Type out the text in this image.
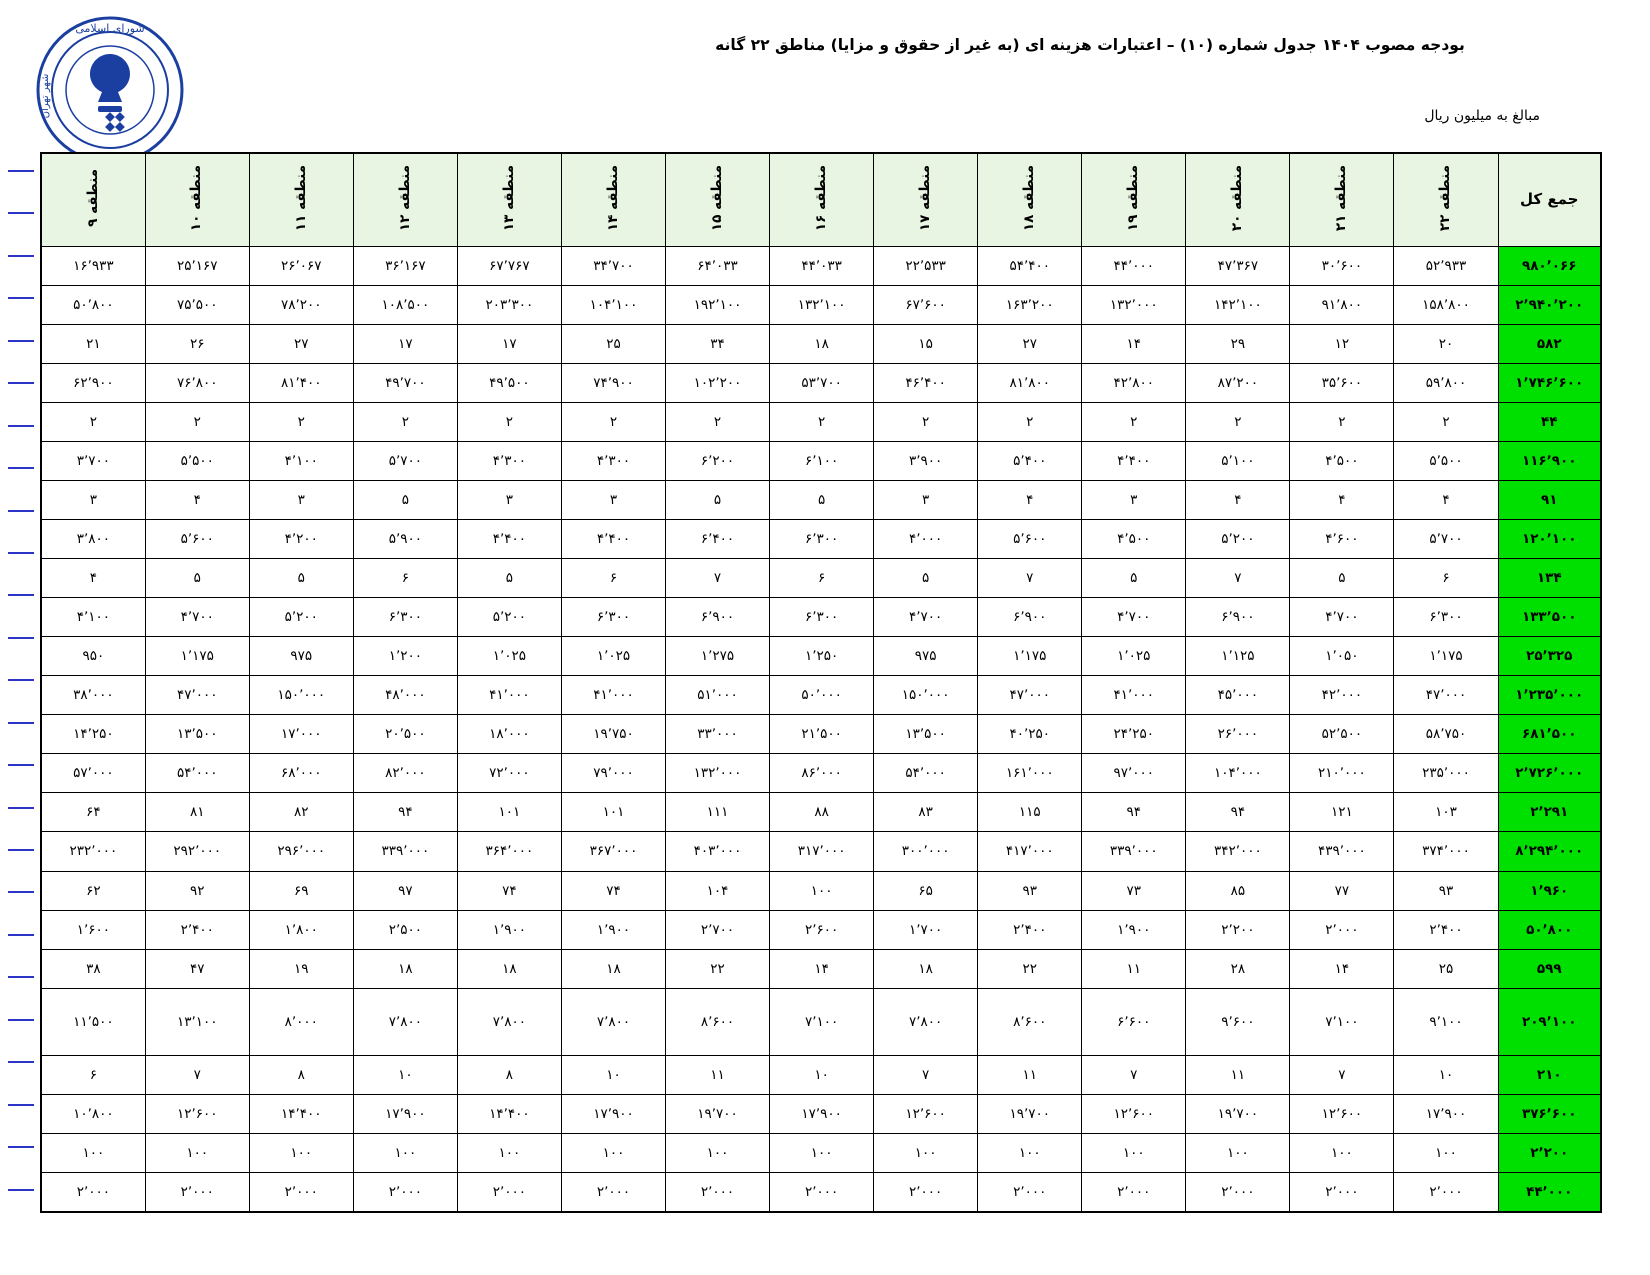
بودجه مصوب ۱۴۰۴ جدول شماره (۱۰) – اعتبارات هزینه ای (به غیر از حقوق و مزایا) مناطق ۲۲ گانه
مبالغ به میلیون ریال
شورای اسلامی
شهر تهران
جمع کل	منطقه ۲۲	منطقه ۲۱	منطقه ۲۰	منطقه ۱۹	منطقه ۱۸	منطقه ۱۷	منطقه ۱۶	منطقه ۱۵	منطقه ۱۴	منطقه ۱۳	منطقه ۱۲	منطقه ۱۱	منطقه ۱۰	منطقه ۹
۹۸۰٬۰۶۶	۵۲٬۹۳۳	۳۰٬۶۰۰	۴۷٬۳۶۷	۴۴٬۰۰۰	۵۴٬۴۰۰	۲۲٬۵۳۳	۴۴٬۰۳۳	۶۴٬۰۳۳	۳۴٬۷۰۰	۶۷٬۷۶۷	۳۶٬۱۶۷	۲۶٬۰۶۷	۲۵٬۱۶۷	۱۶٬۹۳۳
۲٬۹۴۰٬۲۰۰	۱۵۸٬۸۰۰	۹۱٬۸۰۰	۱۴۲٬۱۰۰	۱۳۲٬۰۰۰	۱۶۳٬۲۰۰	۶۷٬۶۰۰	۱۳۲٬۱۰۰	۱۹۲٬۱۰۰	۱۰۴٬۱۰۰	۲۰۳٬۳۰۰	۱۰۸٬۵۰۰	۷۸٬۲۰۰	۷۵٬۵۰۰	۵۰٬۸۰۰
۵۸۲	۲۰	۱۲	۲۹	۱۴	۲۷	۱۵	۱۸	۳۴	۲۵	۱۷	۱۷	۲۷	۲۶	۲۱
۱٬۷۴۶٬۶۰۰	۵۹٬۸۰۰	۳۵٬۶۰۰	۸۷٬۲۰۰	۴۲٬۸۰۰	۸۱٬۸۰۰	۴۶٬۴۰۰	۵۳٬۷۰۰	۱۰۲٬۲۰۰	۷۴٬۹۰۰	۴۹٬۵۰۰	۴۹٬۷۰۰	۸۱٬۴۰۰	۷۶٬۸۰۰	۶۲٬۹۰۰
۴۴	۲	۲	۲	۲	۲	۲	۲	۲	۲	۲	۲	۲	۲	۲
۱۱۶٬۹۰۰	۵٬۵۰۰	۴٬۵۰۰	۵٬۱۰۰	۴٬۴۰۰	۵٬۴۰۰	۳٬۹۰۰	۶٬۱۰۰	۶٬۲۰۰	۴٬۳۰۰	۴٬۳۰۰	۵٬۷۰۰	۴٬۱۰۰	۵٬۵۰۰	۳٬۷۰۰
۹۱	۴	۴	۴	۳	۴	۳	۵	۵	۳	۳	۵	۳	۴	۳
۱۲۰٬۱۰۰	۵٬۷۰۰	۴٬۶۰۰	۵٬۲۰۰	۴٬۵۰۰	۵٬۶۰۰	۴٬۰۰۰	۶٬۳۰۰	۶٬۴۰۰	۴٬۴۰۰	۴٬۴۰۰	۵٬۹۰۰	۴٬۲۰۰	۵٬۶۰۰	۳٬۸۰۰
۱۳۴	۶	۵	۷	۵	۷	۵	۶	۷	۶	۵	۶	۵	۵	۴
۱۳۳٬۵۰۰	۶٬۳۰۰	۴٬۷۰۰	۶٬۹۰۰	۴٬۷۰۰	۶٬۹۰۰	۴٬۷۰۰	۶٬۳۰۰	۶٬۹۰۰	۶٬۳۰۰	۵٬۲۰۰	۶٬۳۰۰	۵٬۲۰۰	۴٬۷۰۰	۴٬۱۰۰
۲۵٬۳۲۵	۱٬۱۷۵	۱٬۰۵۰	۱٬۱۲۵	۱٬۰۲۵	۱٬۱۷۵	۹۷۵	۱٬۲۵۰	۱٬۲۷۵	۱٬۰۲۵	۱٬۰۲۵	۱٬۲۰۰	۹۷۵	۱٬۱۷۵	۹۵۰
۱٬۲۳۵٬۰۰۰	۴۷٬۰۰۰	۴۲٬۰۰۰	۴۵٬۰۰۰	۴۱٬۰۰۰	۴۷٬۰۰۰	۱۵۰٬۰۰۰	۵۰٬۰۰۰	۵۱٬۰۰۰	۴۱٬۰۰۰	۴۱٬۰۰۰	۴۸٬۰۰۰	۱۵۰٬۰۰۰	۴۷٬۰۰۰	۳۸٬۰۰۰
۶۸۱٬۵۰۰	۵۸٬۷۵۰	۵۲٬۵۰۰	۲۶٬۰۰۰	۲۴٬۲۵۰	۴۰٬۲۵۰	۱۳٬۵۰۰	۲۱٬۵۰۰	۳۳٬۰۰۰	۱۹٬۷۵۰	۱۸٬۰۰۰	۲۰٬۵۰۰	۱۷٬۰۰۰	۱۳٬۵۰۰	۱۴٬۲۵۰
۲٬۷۲۶٬۰۰۰	۲۳۵٬۰۰۰	۲۱۰٬۰۰۰	۱۰۴٬۰۰۰	۹۷٬۰۰۰	۱۶۱٬۰۰۰	۵۴٬۰۰۰	۸۶٬۰۰۰	۱۳۲٬۰۰۰	۷۹٬۰۰۰	۷۲٬۰۰۰	۸۲٬۰۰۰	۶۸٬۰۰۰	۵۴٬۰۰۰	۵۷٬۰۰۰
۲٬۲۹۱	۱۰۳	۱۲۱	۹۴	۹۴	۱۱۵	۸۳	۸۸	۱۱۱	۱۰۱	۱۰۱	۹۴	۸۲	۸۱	۶۴
۸٬۲۹۴٬۰۰۰	۳۷۴٬۰۰۰	۴۳۹٬۰۰۰	۳۴۲٬۰۰۰	۳۳۹٬۰۰۰	۴۱۷٬۰۰۰	۳۰۰٬۰۰۰	۳۱۷٬۰۰۰	۴۰۳٬۰۰۰	۳۶۷٬۰۰۰	۳۶۴٬۰۰۰	۳۳۹٬۰۰۰	۲۹۶٬۰۰۰	۲۹۲٬۰۰۰	۲۳۲٬۰۰۰
۱٬۹۶۰	۹۳	۷۷	۸۵	۷۳	۹۳	۶۵	۱۰۰	۱۰۴	۷۴	۷۴	۹۷	۶۹	۹۲	۶۲
۵۰٬۸۰۰	۲٬۴۰۰	۲٬۰۰۰	۲٬۲۰۰	۱٬۹۰۰	۲٬۴۰۰	۱٬۷۰۰	۲٬۶۰۰	۲٬۷۰۰	۱٬۹۰۰	۱٬۹۰۰	۲٬۵۰۰	۱٬۸۰۰	۲٬۴۰۰	۱٬۶۰۰
۵۹۹	۲۵	۱۴	۲۸	۱۱	۲۲	۱۸	۱۴	۲۲	۱۸	۱۸	۱۸	۱۹	۴۷	۳۸
۲۰۹٬۱۰۰	۹٬۱۰۰	۷٬۱۰۰	۹٬۶۰۰	۶٬۶۰۰	۸٬۶۰۰	۷٬۸۰۰	۷٬۱۰۰	۸٬۶۰۰	۷٬۸۰۰	۷٬۸۰۰	۷٬۸۰۰	۸٬۰۰۰	۱۳٬۱۰۰	۱۱٬۵۰۰
۲۱۰	۱۰	۷	۱۱	۷	۱۱	۷	۱۰	۱۱	۱۰	۸	۱۰	۸	۷	۶
۳۷۶٬۶۰۰	۱۷٬۹۰۰	۱۲٬۶۰۰	۱۹٬۷۰۰	۱۲٬۶۰۰	۱۹٬۷۰۰	۱۲٬۶۰۰	۱۷٬۹۰۰	۱۹٬۷۰۰	۱۷٬۹۰۰	۱۴٬۴۰۰	۱۷٬۹۰۰	۱۴٬۴۰۰	۱۲٬۶۰۰	۱۰٬۸۰۰
۲٬۲۰۰	۱۰۰	۱۰۰	۱۰۰	۱۰۰	۱۰۰	۱۰۰	۱۰۰	۱۰۰	۱۰۰	۱۰۰	۱۰۰	۱۰۰	۱۰۰	۱۰۰
۴۴٬۰۰۰	۲٬۰۰۰	۲٬۰۰۰	۲٬۰۰۰	۲٬۰۰۰	۲٬۰۰۰	۲٬۰۰۰	۲٬۰۰۰	۲٬۰۰۰	۲٬۰۰۰	۲٬۰۰۰	۲٬۰۰۰	۲٬۰۰۰	۲٬۰۰۰	۲٬۰۰۰
